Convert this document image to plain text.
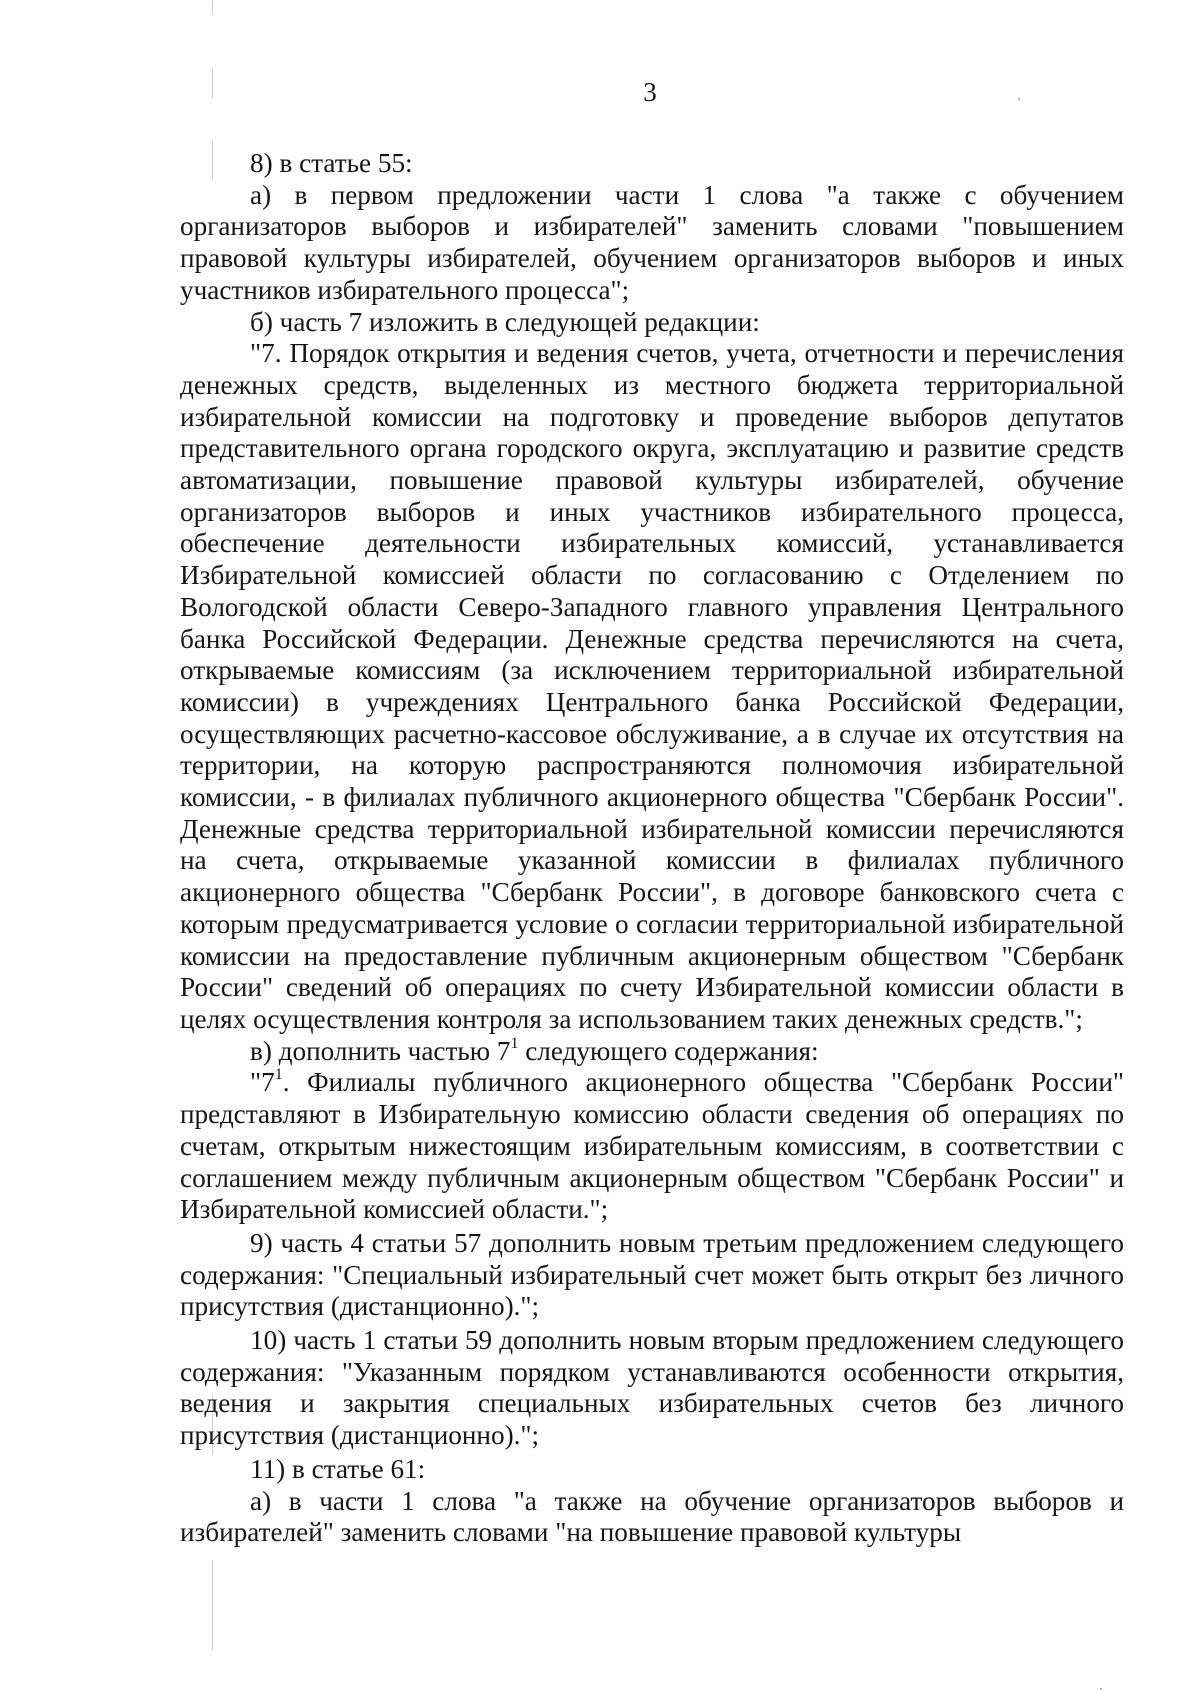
3

8) в статье 55:

а) в первом предложении части 1 слова "а также с обучением организаторов выборов и избирателей" заменить словами "повышением правовой культуры избирателей, обучением организаторов выборов и иных участников избирательного процесса";

б) часть 7 изложить в следующей редакции:

"7. Порядок открытия и ведения счетов, учета, отчетности и перечисления денежных средств, выделенных из местного бюджета территориальной избирательной комиссии на подготовку и проведение выборов депутатов представительного органа городского округа, эксплуатацию и развитие средств автоматизации, повышение правовой культуры избирателей, обучение организаторов выборов и иных участников избирательного процесса, обеспечение деятельности избирательных комиссий, устанавливается Избирательной комиссией области по согласованию с Отделением по Вологодской области Северо-Западного главного управления Центрального банка Российской Федерации. Денежные средства перечисляются на счета, открываемые комиссиям (за исключением территориальной избирательной комиссии) в учреждениях Центрального банка Российской Федерации, осуществляющих расчетно-кассовое обслуживание, а в случае их отсутствия на территории, на которую распространяются полномочия избирательной комиссии, - в филиалах публичного акционерного общества "Сбербанк России". Денежные средства территориальной избирательной комиссии перечисляются на счета, открываемые указанной комиссии в филиалах публичного акционерного общества "Сбербанк России", в договоре банковского счета с которым предусматривается условие о согласии территориальной избирательной комиссии на предоставление публичным акционерным обществом "Сбербанк России" сведений об операциях по счету Избирательной комиссии области в целях осуществления контроля за использованием таких денежных средств.";

в) дополнить частью $7^1$ следующего содержания:

"$7^1$. Филиалы публичного акционерного общества "Сбербанк России" представляют в Избирательную комиссию области сведения об операциях по счетам, открытым нижестоящим избирательным комиссиям, в соответствии с соглашением между публичным акционерным обществом "Сбербанк России" и Избирательной комиссией области.";

9) часть 4 статьи 57 дополнить новым третьим предложением следующего содержания: "Специальный избирательный счет может быть открыт без личного присутствия (дистанционно).";

10) часть 1 статьи 59 дополнить новым вторым предложением следующего содержания: "Указанным порядком устанавливаются особенности открытия, ведения и закрытия специальных избирательных счетов без личного присутствия (дистанционно).";

11) в статье 61:

а) в части 1 слова "а также на обучение организаторов выборов и избирателей" заменить словами "на повышение правовой культуры
